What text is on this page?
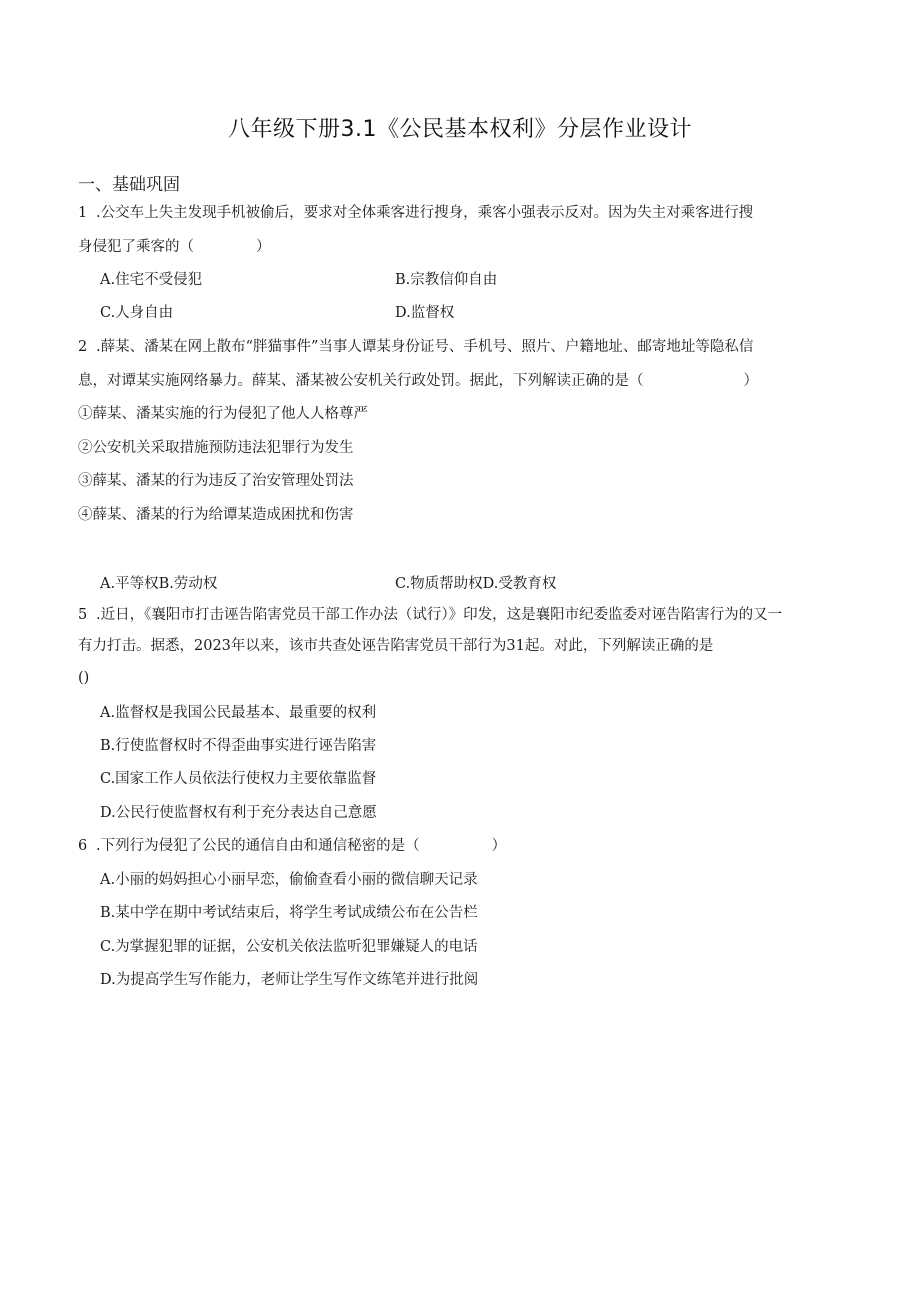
八年级下册3.1《公民基本权利》分层作业设计
一、基础巩固
1 .公交车上失主发现手机被偷后，要求对全体乘客进行搜身，乘客小强表示反对。因为失主对乘客进行搜
身侵犯了乘客的（	）
A.住宅不受侵犯	B.宗教信仰自由
C.人身自由	D.监督权
2 .薛某、潘某在网上散布“胖猫事件”当事人谭某身份证号、手机号、照片、户籍地址、邮寄地址等隐私信
息，对谭某实施网络暴力。薛某、潘某被公安机关行政处罚。据此，下列解读正确的是（	）
①薛某、潘某实施的行为侵犯了他人人格尊严
②公安机关采取措施预防违法犯罪行为发生
③薛某、潘某的行为违反了治安管理处罚法
④薛某、潘某的行为给谭某造成困扰和伤害
A.平等权B.劳动权	C.物质帮助权D.受教育权
5 .近日，《襄阳市打击诬告陷害党员干部工作办法（试行）》印发，这是襄阳市纪委监委对诬告陷害行为的又一
有力打击。据悉，2023年以来，该市共查处诬告陷害党员干部行为31起。对此，下列解读正确的是
()
A.监督权是我国公民最基本、最重要的权利
B.行使监督权时不得歪曲事实进行诬告陷害
C.国家工作人员依法行使权力主要依靠监督
D.公民行使监督权有利于充分表达自己意愿
6 .下列行为侵犯了公民的通信自由和通信秘密的是（	）
A.小丽的妈妈担心小丽早恋，偷偷查看小丽的微信聊天记录
B.某中学在期中考试结束后，将学生考试成绩公布在公告栏
C.为掌握犯罪的证据，公安机关依法监听犯罪嫌疑人的电话
D.为提高学生写作能力，老师让学生写作文练笔并进行批阅
